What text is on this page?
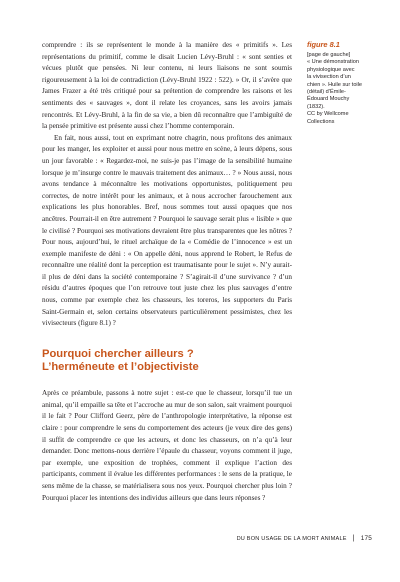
comprendre : ils se représentent le monde à la manière des « primitifs ». Les représentations du primitif, comme le disait Lucien Lévy-Bruhl : « sont senties et vécues plutôt que pensées. Ni leur contenu, ni leurs liaisons ne sont soumis rigoureusement à la loi de contradiction (Lévy-Bruhl 1922 : 522). » Or, il s’avère que James Frazer a été très critiqué pour sa prétention de comprendre les raisons et les sentiments des « sauvages », dont il relate les croyances, sans les avoirs jamais rencontrés. Et Lévy-Bruhl, à la fin de sa vie, a bien dû reconnaître que l’ambiguïté de la pensée primitive est présente aussi chez l’homme contemporain.

En fait, nous aussi, tout en exprimant notre chagrin, nous profitons des animaux pour les manger, les exploiter et aussi pour nous mettre en scène, à leurs dépens, sous un jour favorable : « Regardez-moi, ne suis-je pas l’image de la sensibilité humaine lorsque je m’insurge contre le mauvais traitement des animaux… ? » Nous aussi, nous avons tendance à méconnaître les motivations opportunistes, politiquement peu correctes, de notre intérêt pour les animaux, et à nous accrocher farouchement aux explications les plus honorables. Bref, nous sommes tout aussi opaques que nos ancêtres. Pourrait-il en être autrement ? Pourquoi le sauvage serait plus « lisible » que le civilisé ? Pourquoi ses motivations devraient être plus transparentes que les nôtres ? Pour nous, aujourd’hui, le rituel archaïque de la « Comédie de l’innocence » est un exemple manifeste de déni : « On appelle déni, nous apprend le Robert, le Refus de reconnaître une réalité dont la perception est traumatisante pour le sujet ». N’y aurait-il plus de déni dans la société contemporaine ? S’agirait-il d’une survivance ? d’un résidu d’autres époques que l’on retrouve tout juste chez les plus sauvages d’entre nous, comme par exemple chez les chasseurs, les toreros, les supporters du Paris Saint-Germain et, selon certains observateurs particulièrement pessimistes, chez les vivisecteurs (figure 8.1) ?

Pourquoi chercher ailleurs ?
L’herméneute et l’objectiviste

Après ce préambule, passons à notre sujet : est-ce que le chasseur, lorsqu’il tue un animal, qu’il empaille sa tête et l’accroche au mur de son salon, sait vraiment pourquoi il le fait ? Pour Clifford Geerz, père de l’anthropologie interprétative, la réponse est claire : pour comprendre le sens du comportement des acteurs (je veux dire des gens) il suffit de comprendre ce que les acteurs, et donc les chasseurs, on n’a qu’à leur demander. Donc mettons-nous derrière l’épaule du chasseur, voyons comment il juge, par exemple, une exposition de trophées, comment il explique l’action des participants, comment il évalue les différentes performances : le sens de la pratique, le sens même de la chasse, se matérialisera sous nos yeux. Pourquoi chercher plus loin ? Pourquoi placer les intentions des individus ailleurs que dans leurs réponses ?

figure 8.1
[page de gauche]
« Une démonstration
physiologique avec
la vivisection d’un
chien ». Huile sur toile
(détail) d’Émile-
Édouard Mouchy
(1832).
CC by Wellcome
Collections
DU BON USAGE DE LA MORT ANIMALE | 175
